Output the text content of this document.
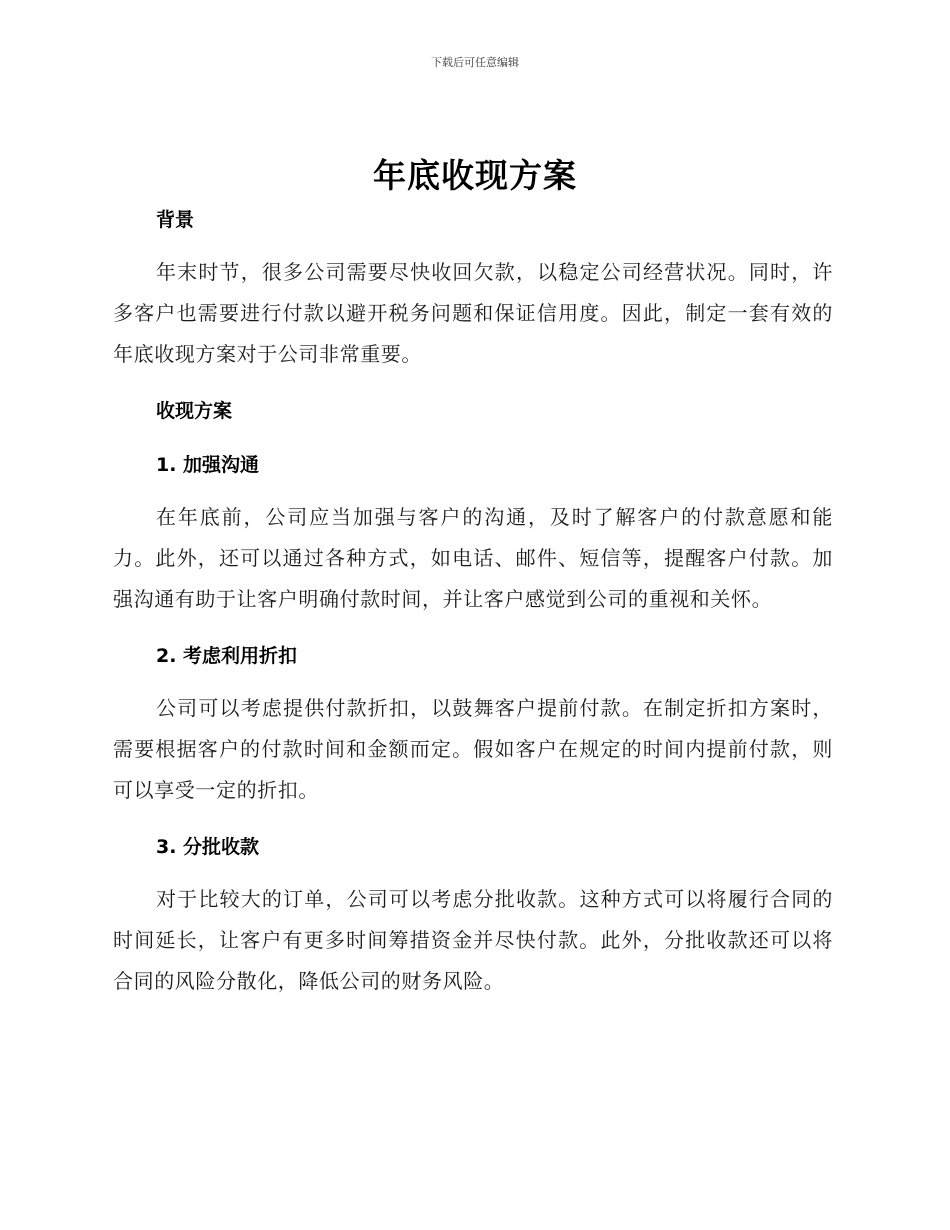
下载后可任意编辑
年底收现方案

背景

年末时节，很多公司需要尽快收回欠款，以稳定公司经营状况。同时，许多客户也需要进行付款以避开税务问题和保证信用度。因此，制定一套有效的年底收现方案对于公司非常重要。

收现方案

1. 加强沟通

在年底前，公司应当加强与客户的沟通，及时了解客户的付款意愿和能力。此外，还可以通过各种方式，如电话、邮件、短信等，提醒客户付款。加强沟通有助于让客户明确付款时间，并让客户感觉到公司的重视和关怀。

2. 考虑利用折扣

公司可以考虑提供付款折扣，以鼓舞客户提前付款。在制定折扣方案时，需要根据客户的付款时间和金额而定。假如客户在规定的时间内提前付款，则可以享受一定的折扣。

3. 分批收款

对于比较大的订单，公司可以考虑分批收款。这种方式可以将履行合同的时间延长，让客户有更多时间筹措资金并尽快付款。此外，分批收款还可以将合同的风险分散化，降低公司的财务风险。
